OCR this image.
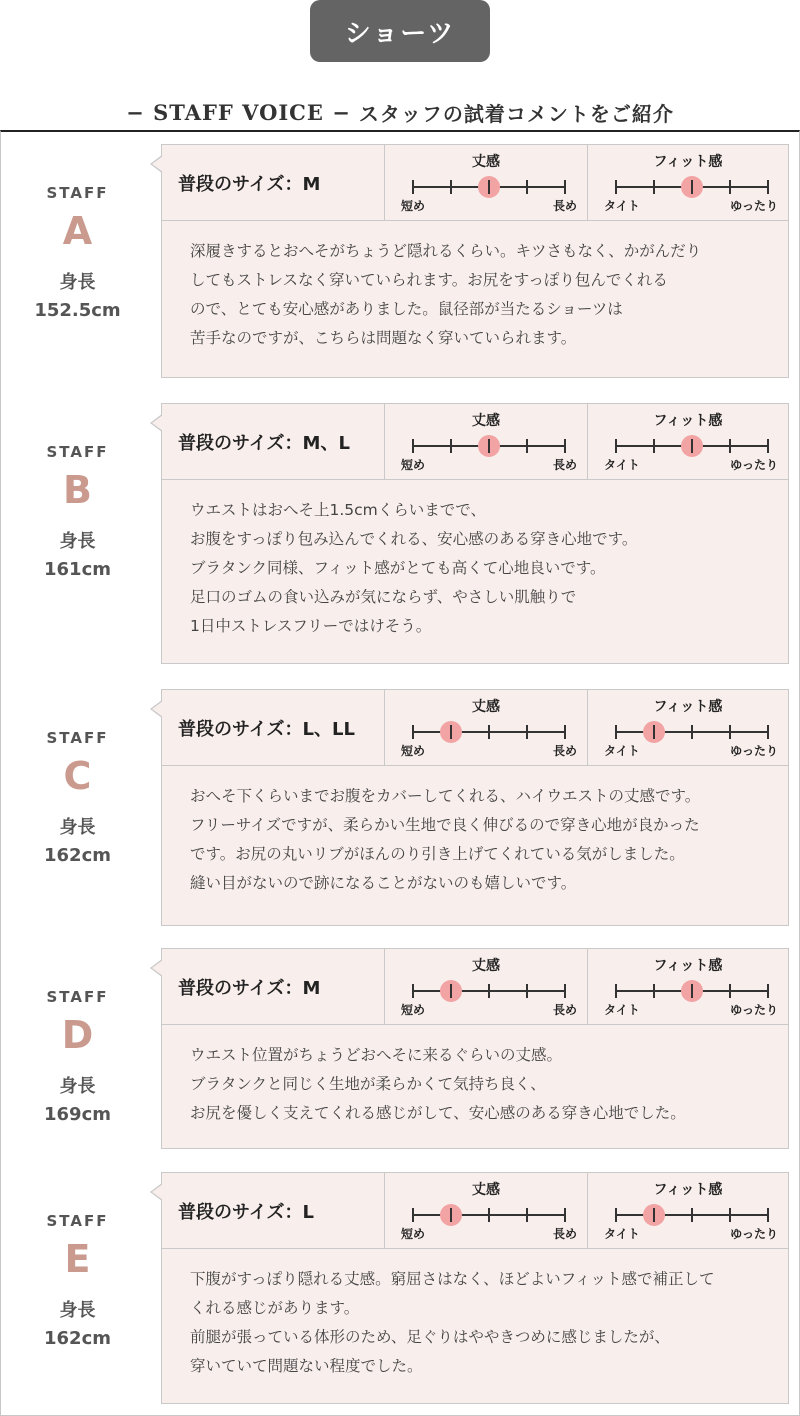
ショーツ
− STAFF VOICE − スタッフの試着コメントをご紹介
STAFF
A
身長
152.5cm
普段のサイズ：M
丈感
短め	長め
フィット感
タイト	ゆったり

深履きするとおへそがちょうど隠れるくらい。キツさもなく、かがんだり

してもストレスなく穿いていられます。お尻をすっぽり包んでくれる

ので、とても安心感がありました。鼠径部が当たるショーツは

苦手なのですが、こちらは問題なく穿いていられます。

STAFF
B
身長
161cm
普段のサイズ：M、L
丈感
短め	長め
フィット感
タイト	ゆったり

ウエストはおへそ上1.5cmくらいまでで、

お腹をすっぽり包み込んでくれる、安心感のある穿き心地です。

ブラタンク同様、フィット感がとても高くて心地良いです。

足口のゴムの食い込みが気にならず、やさしい肌触りで

1日中ストレスフリーではけそう。

STAFF
C
身長
162cm
普段のサイズ：L、LL
丈感
短め	長め
フィット感
タイト	ゆったり

おへそ下くらいまでお腹をカバーしてくれる、ハイウエストの丈感です。

フリーサイズですが、柔らかい生地で良く伸びるので穿き心地が良かった

です。お尻の丸いリブがほんのり引き上げてくれている気がしました。

縫い目がないので跡になることがないのも嬉しいです。

STAFF
D
身長
169cm
普段のサイズ：M
丈感
短め	長め
フィット感
タイト	ゆったり

ウエスト位置がちょうどおへそに来るぐらいの丈感。

ブラタンクと同じく生地が柔らかくて気持ち良く、

お尻を優しく支えてくれる感じがして、安心感のある穿き心地でした。

STAFF
E
身長
162cm
普段のサイズ：L
丈感
短め	長め
フィット感
タイト	ゆったり

下腹がすっぽり隠れる丈感。窮屈さはなく、ほどよいフィット感で補正して

くれる感じがあります。

前腿が張っている体形のため、足ぐりはややきつめに感じましたが、

穿いていて問題ない程度でした。
